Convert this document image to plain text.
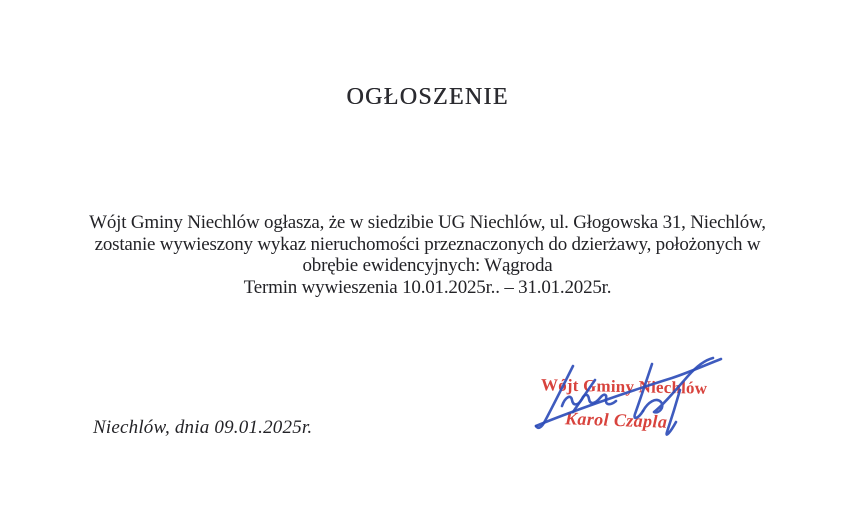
OGŁOSZENIE
Wójt Gminy Niechlów ogłasza, że w siedzibie UG Niechlów, ul. Głogowska 31, Niechlów,
zostanie wywieszony wykaz nieruchomości przeznaczonych do dzierżawy, położonych w
obrębie ewidencyjnych: Wągroda
Termin wywieszenia 10.01.2025r.. – 31.01.2025r.
Niechlów, dnia 09.01.2025r.
Wójt Gminy Niechlów
Karol Czapla
